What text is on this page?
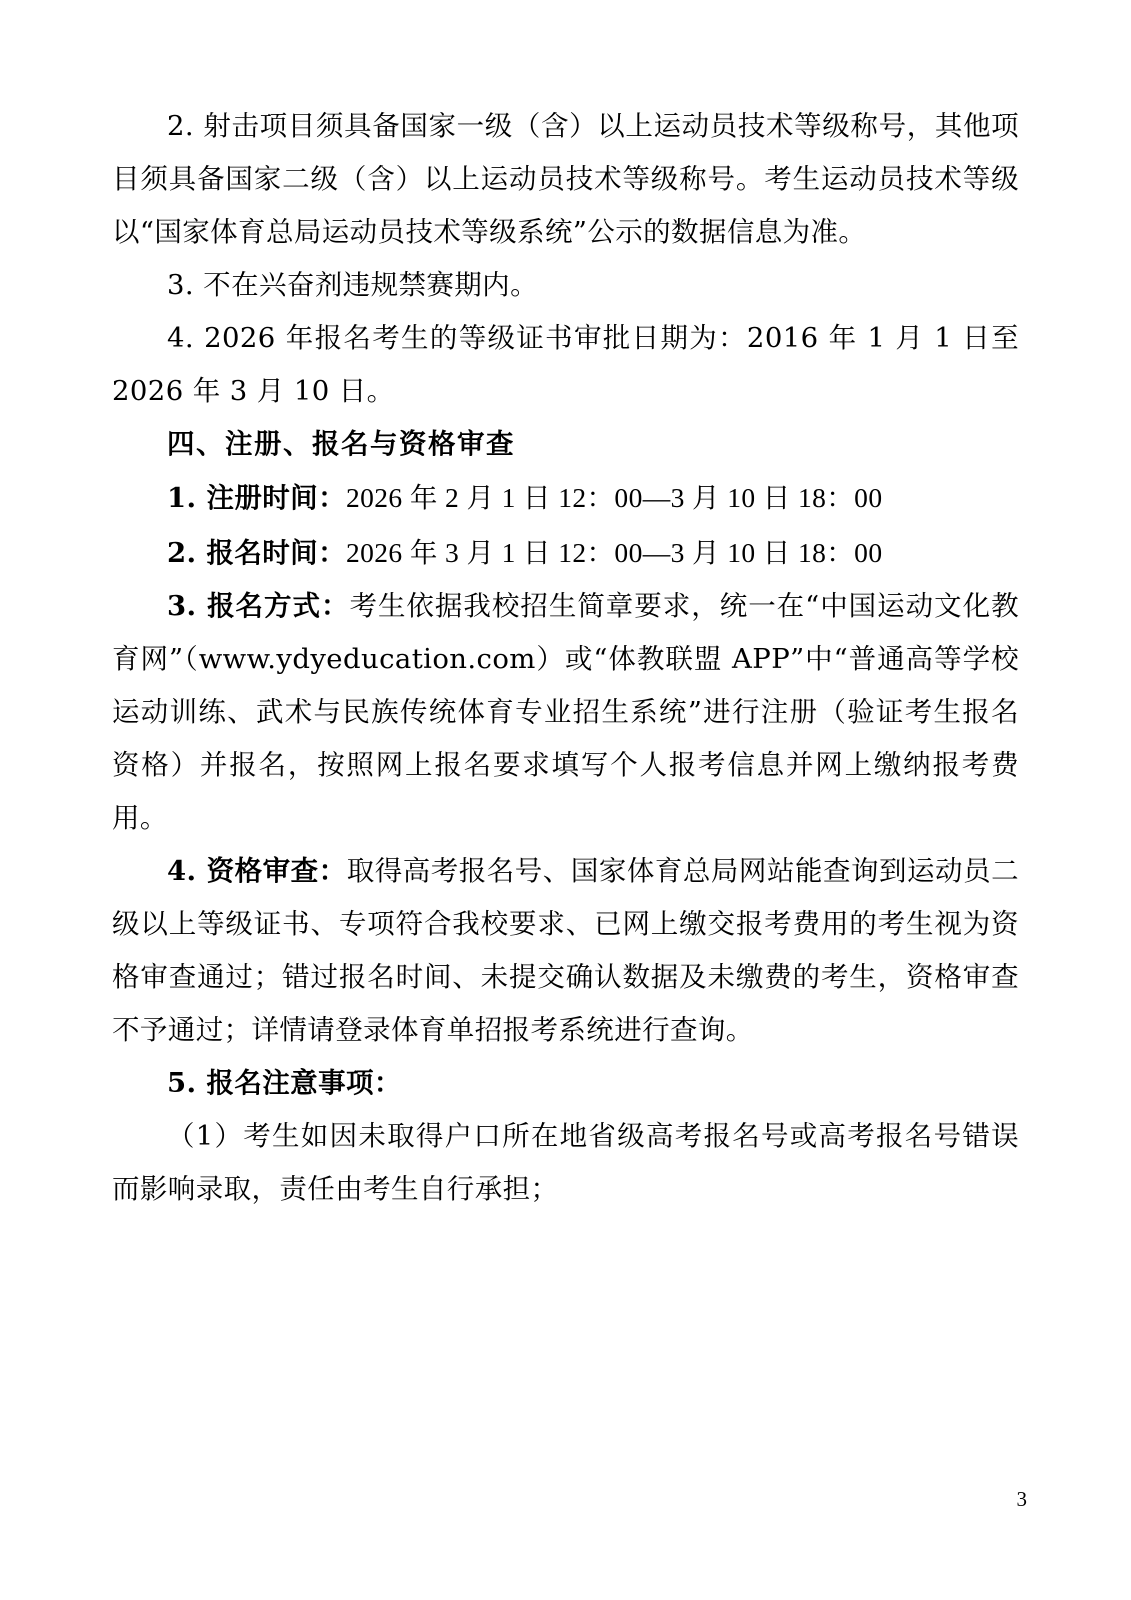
2. 射击项目须具备国家一级（含）以上运动员技术等级称号，其他项目须具备国家二级（含）以上运动员技术等级称号。考生运动员技术等级以“国家体育总局运动员技术等级系统”公示的数据信息为准。

3. 不在兴奋剂违规禁赛期内。

4. 2026 年报名考生的等级证书审批日期为：2016 年 1 月 1 日至 2026 年 3 月 10 日。

四、注册、报名与资格审查

1. 注册时间：2026 年 2 月 1 日 12：00—3 月 10 日 18：00

2. 报名时间：2026 年 3 月 1 日 12：00—3 月 10 日 18：00

3. 报名方式：考生依据我校招生简章要求，统一在“中国运动文化教育网”（www.ydyeducation.com）或“体教联盟 APP”中“普通高等学校运动训练、武术与民族传统体育专业招生系统”进行注册（验证考生报名资格）并报名，按照网上报名要求填写个人报考信息并网上缴纳报考费用。

4. 资格审查：取得高考报名号、国家体育总局网站能查询到运动员二级以上等级证书、专项符合我校要求、已网上缴交报考费用的考生视为资格审查通过；错过报名时间、未提交确认数据及未缴费的考生，资格审查不予通过；详情请登录体育单招报考系统进行查询。

5. 报名注意事项：

（1）考生如因未取得户口所在地省级高考报名号或高考报名号错误而影响录取，责任由考生自行承担；

3
